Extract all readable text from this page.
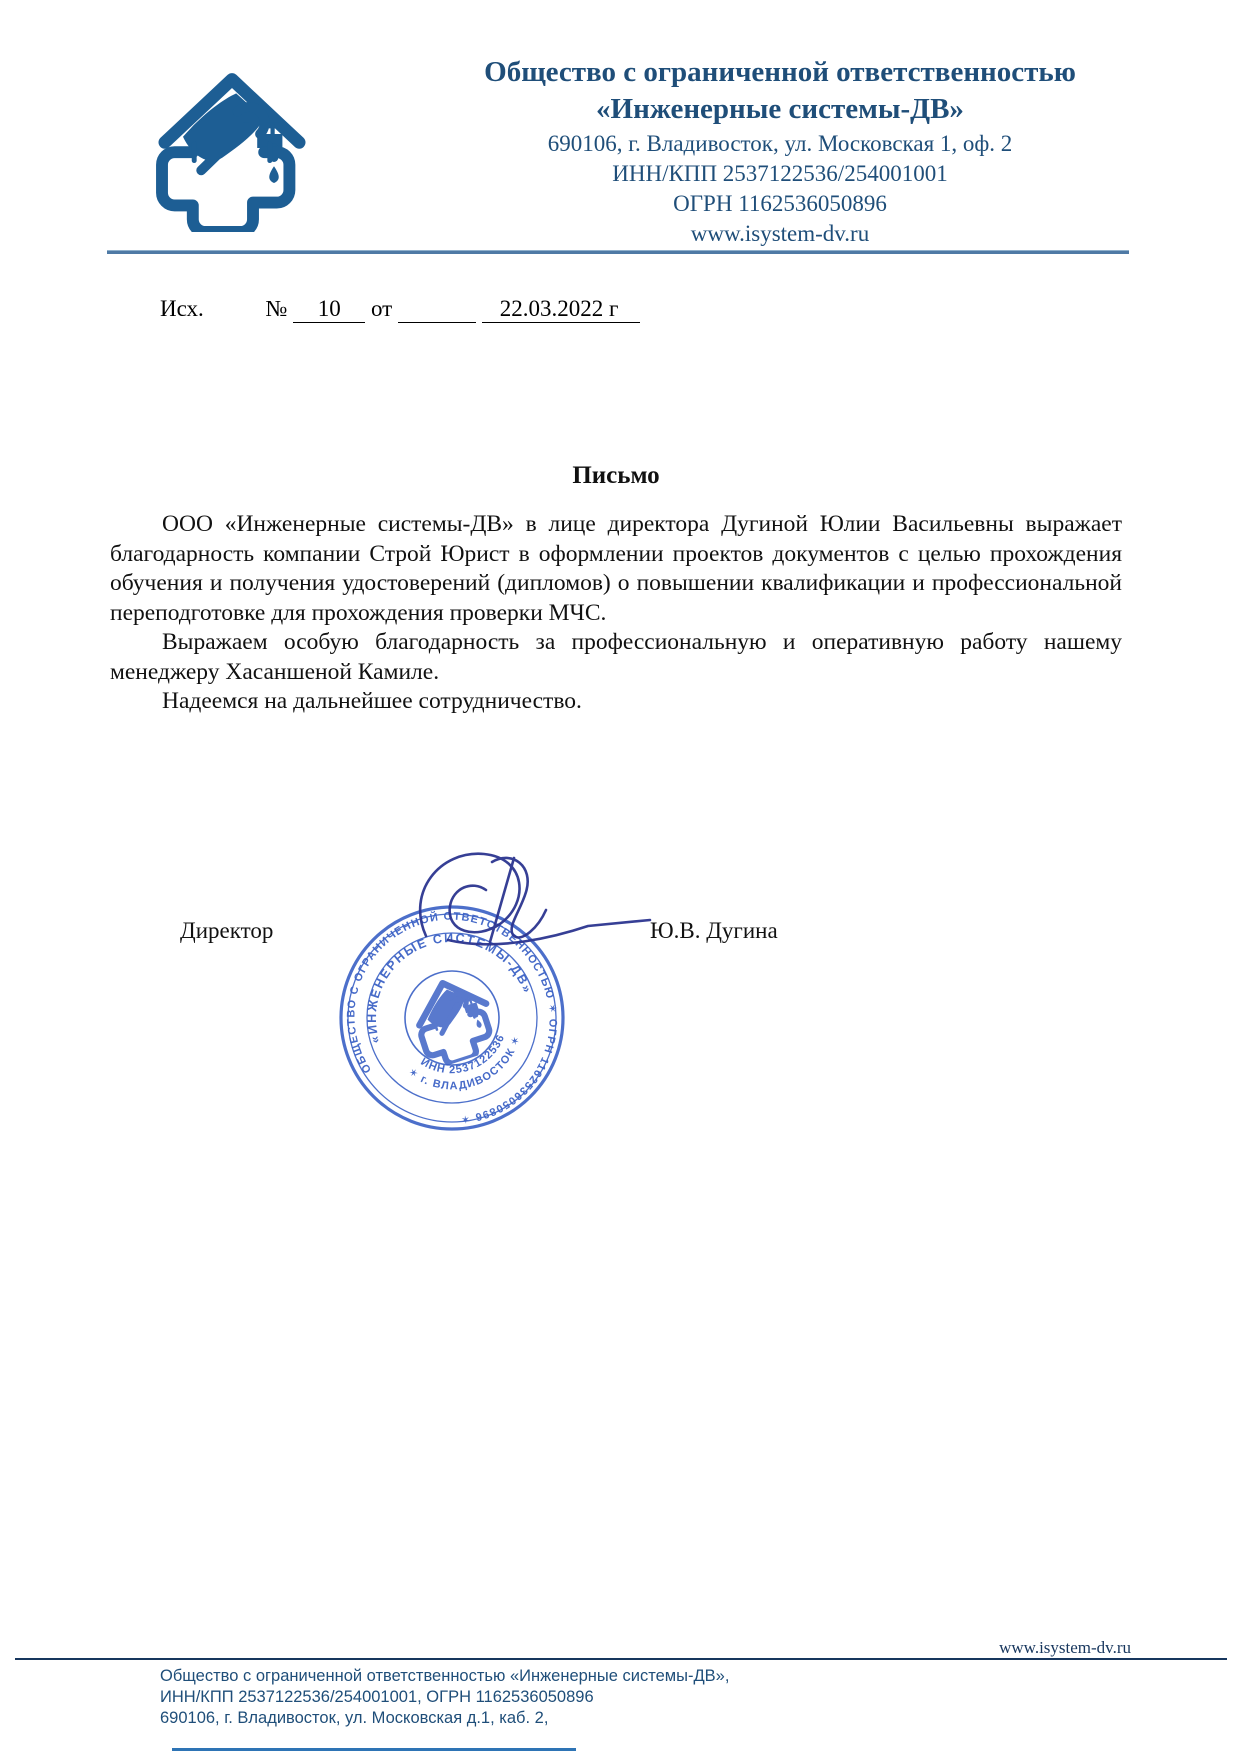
Общество с ограниченной ответственностью
«Инженерные системы-ДВ»
690106, г. Владивосток, ул. Московская 1, оф. 2
ИНН/КПП 2537122536/254001001
ОГРН 1162536050896
www.isystem-dv.ru
Исх.	№ 10 от	22.03.2022 г
Письмо

ООО «Инженерные системы-ДВ» в лице директора Дугиной Юлии Васильевны выражает благодарность компании Строй Юрист в оформлении проектов документов с целью прохождения обучения и получения удостоверений (дипломов) о повышении квалификации и профессиональной переподготовке для прохождения проверки МЧС.

Выражаем особую благодарность за профессиональную и оперативную работу нашему менеджеру Хасаншеной Камиле.

Надеемся на дальнейшее сотрудничество.

Директор	Ю.В. Дугина
ОБЩЕСТВО С ОГРАНИЧЕННОЙ ОТВЕТСТВЕННОСТЬЮ ✶ ОГРН 1162536050896 ✶
«ИНЖЕНЕРНЫЕ СИСТЕМЫ-ДВ»
✶ г. ВЛАДИВОСТОК ✶
ИНН 2537122536
www.isystem-dv.ru
Общество с ограниченной ответственностью «Инженерные системы-ДВ»,
ИНН/КПП 2537122536/254001001, ОГРН 1162536050896
690106, г. Владивосток, ул. Московская д.1, каб. 2,
